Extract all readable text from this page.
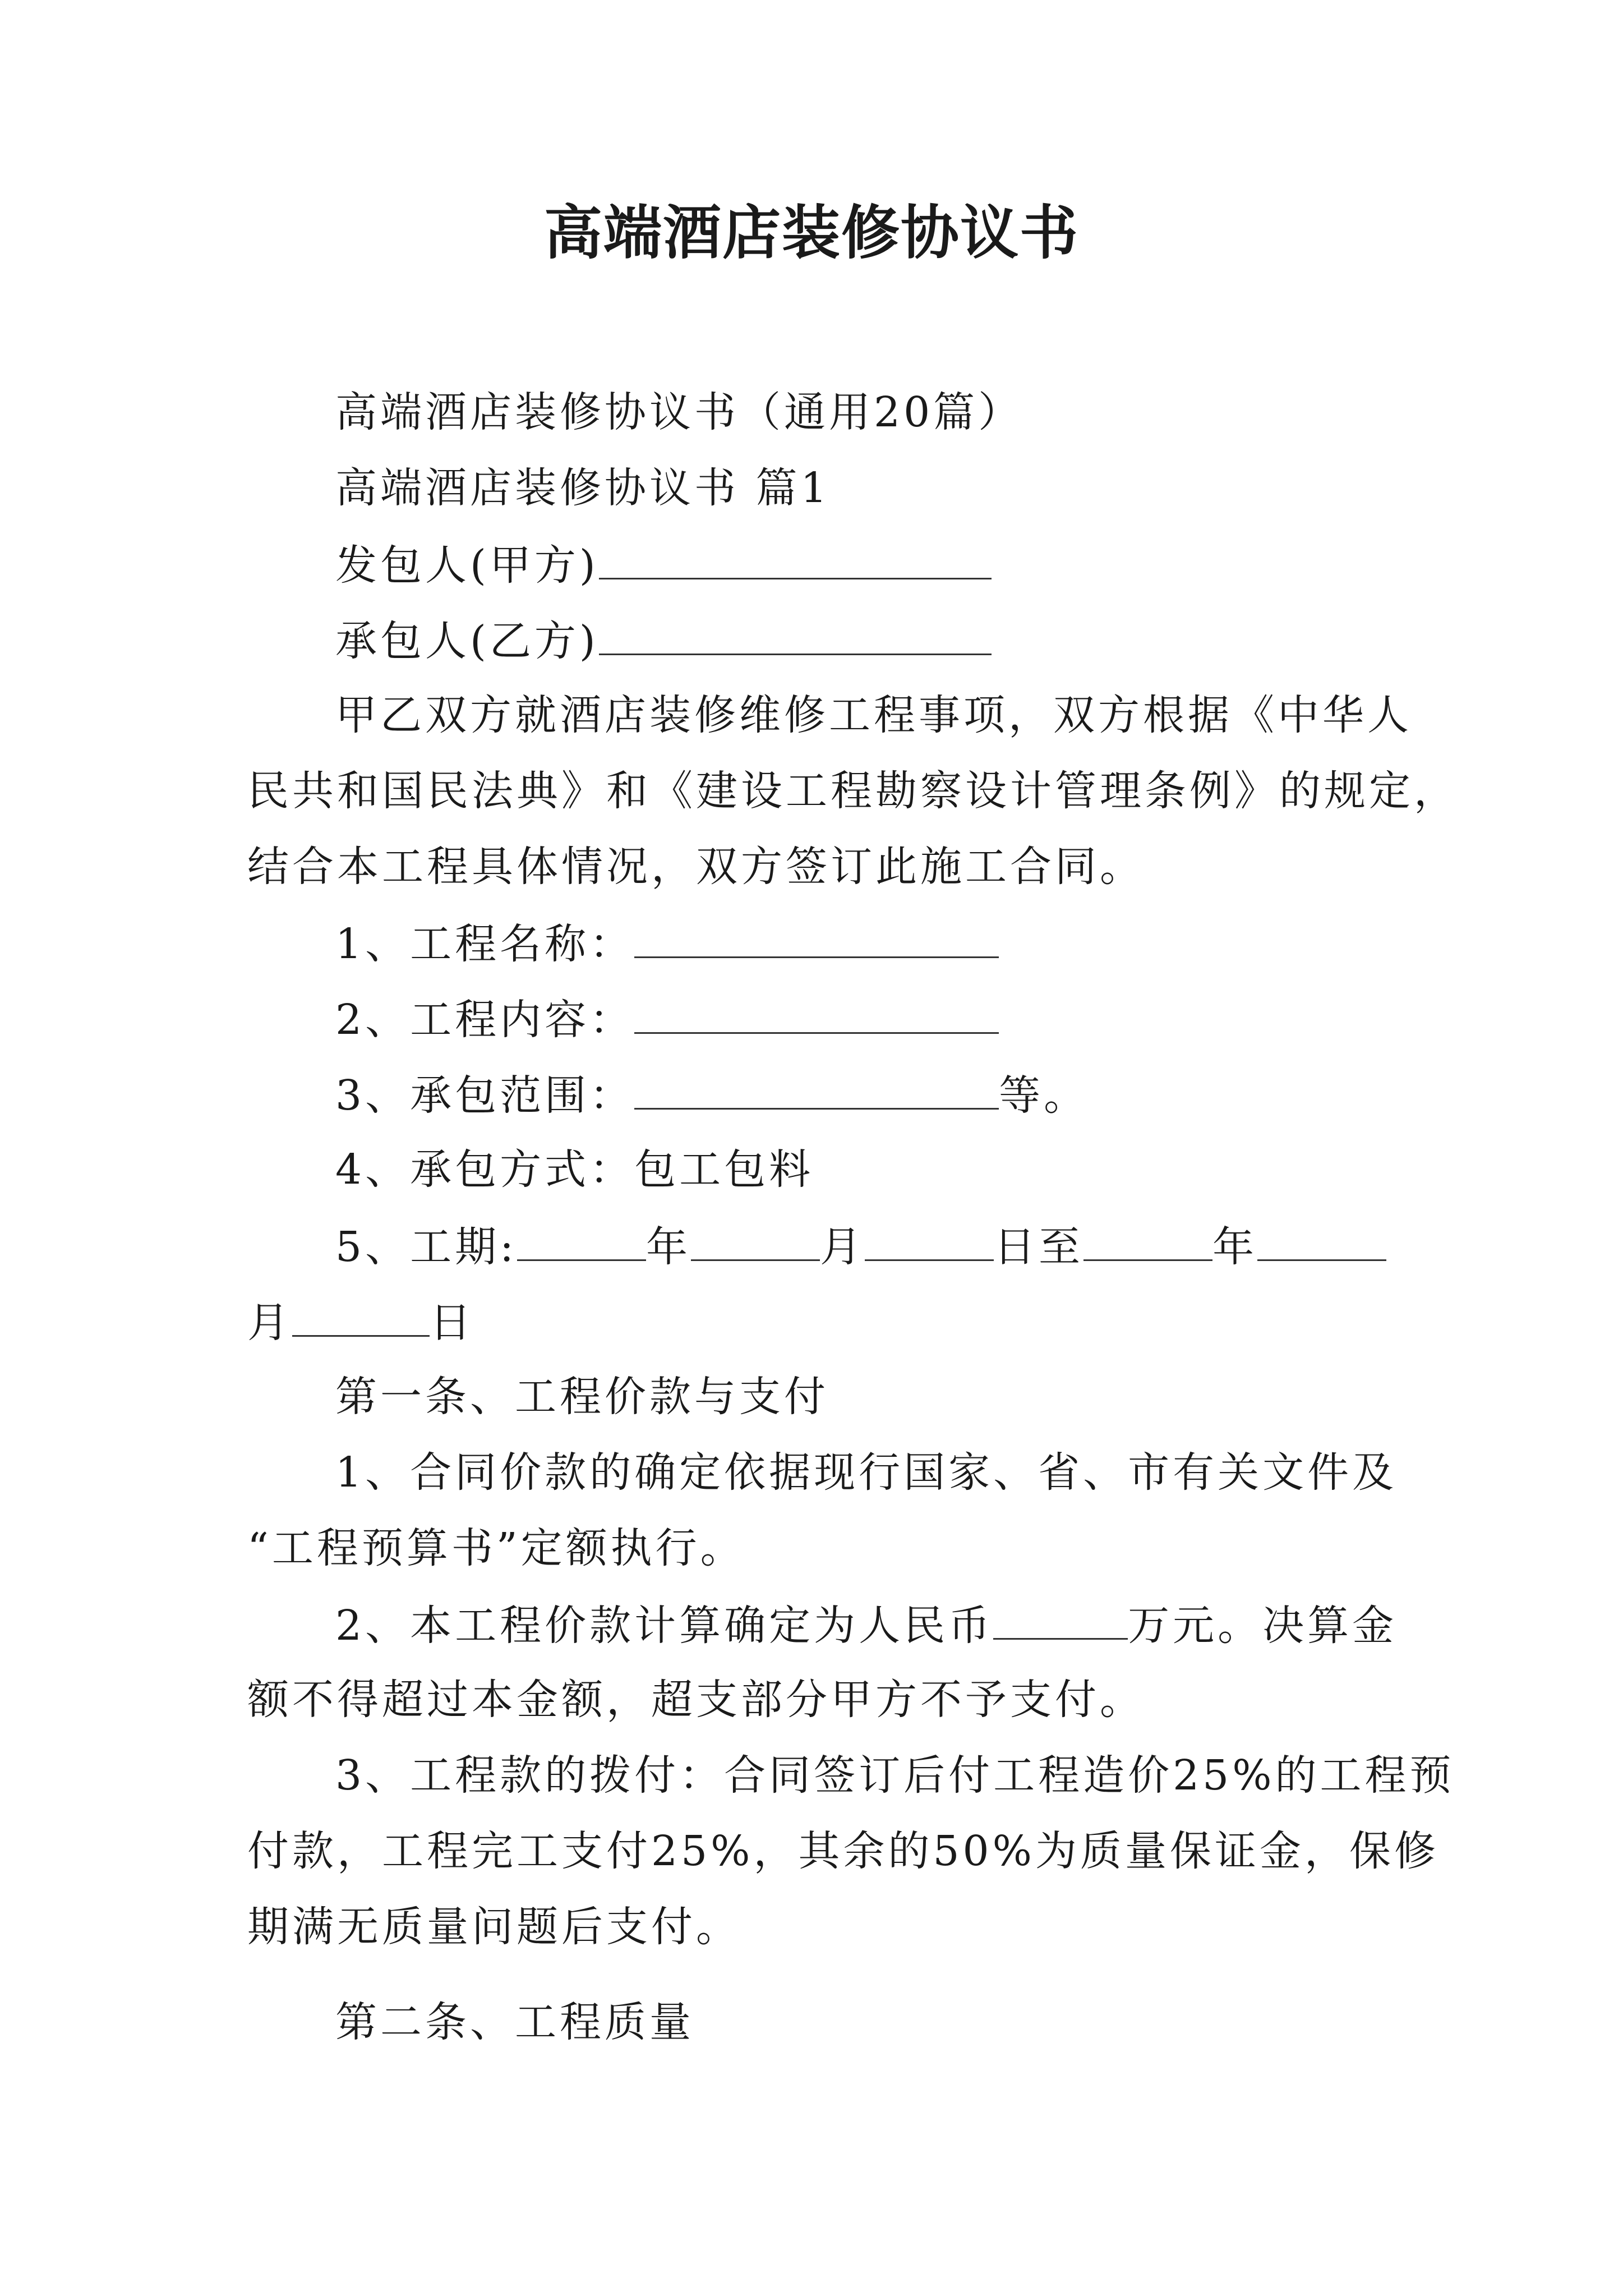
高端酒店装修协议书
高端酒店装修协议书（通用20篇）
高端酒店装修协议书 篇1
发包人(甲方)
承包人(乙方)
甲乙双方就酒店装修维修工程事项，双方根据《中华人
民共和国民法典》和《建设工程勘察设计管理条例》的规定，
结合本工程具体情况，双方签订此施工合同。
1、工程名称：
2、工程内容：
3、承包范围：	等。
4、承包方式：包工包料
5、工期:	年	月	日至	年
月	日
第一条、工程价款与支付
1、合同价款的确定依据现行国家、省、市有关文件及
“工程预算书”定额执行。
2、本工程价款计算确定为人民币	万元。决算金
额不得超过本金额，超支部分甲方不予支付。
3、工程款的拨付：合同签订后付工程造价25%的工程预
付款，工程完工支付25%，其余的50%为质量保证金，保修
期满无质量问题后支付。
第二条、工程质量
